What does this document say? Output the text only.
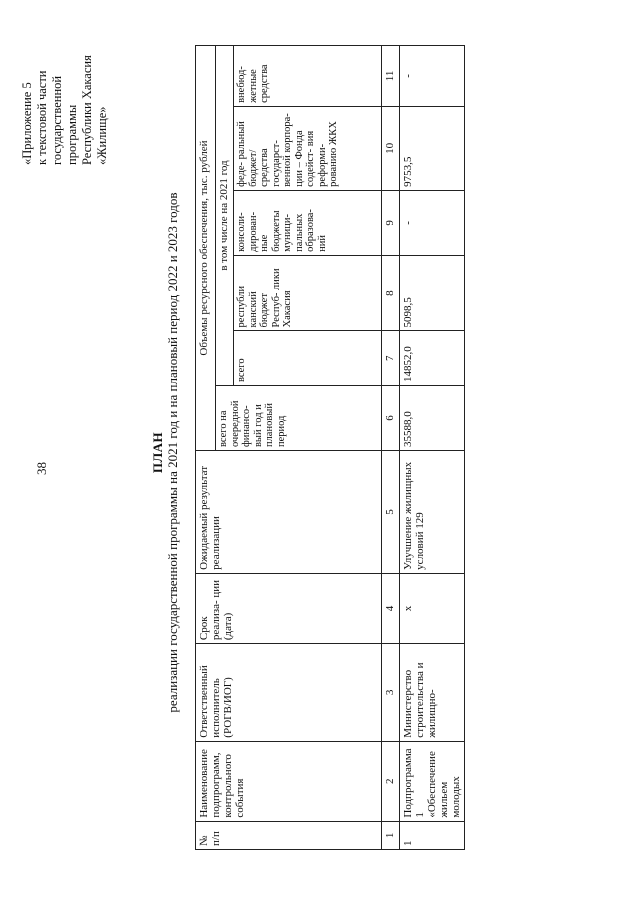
38
«Приложение 5 к текстовой части государственной программы Республики Хакасия «Жилище»
ПЛАН реализации государственной программы на 2021 год и на плановый период 2022 и 2023 годов
№ п/п	Наименование подпрограмм, контрольного события	Ответственный исполнитель (РОГВ/ИОГ)	Срок реализа- ции (дата)	Ожидаемый результат реализации	Объемы ресурсного обеспечения, тыс. рублей					
					всего на очередной финансо- вый год и плановый период	в том числе на 2021 год				
						всего	республи канский бюджет Респуб- лики Хакасия	консоли- дирован- ные бюджеты муници- пальных образова- ний	феде- ральный бюджет/ средства государст- венной корпора- ции – Фонда содейст- вия реформи- рованию ЖКХ	внебюд- жетные средства
1	2	3	4	5	6	7	8	9	10	11
1	Подпрограмма 1 «Обеспечение жильем молодых	Министерство строительства и жилищно-	x	Улучшение жилищных условий 129	35588,0	14852,0	5098,5	-	9753,5	-
